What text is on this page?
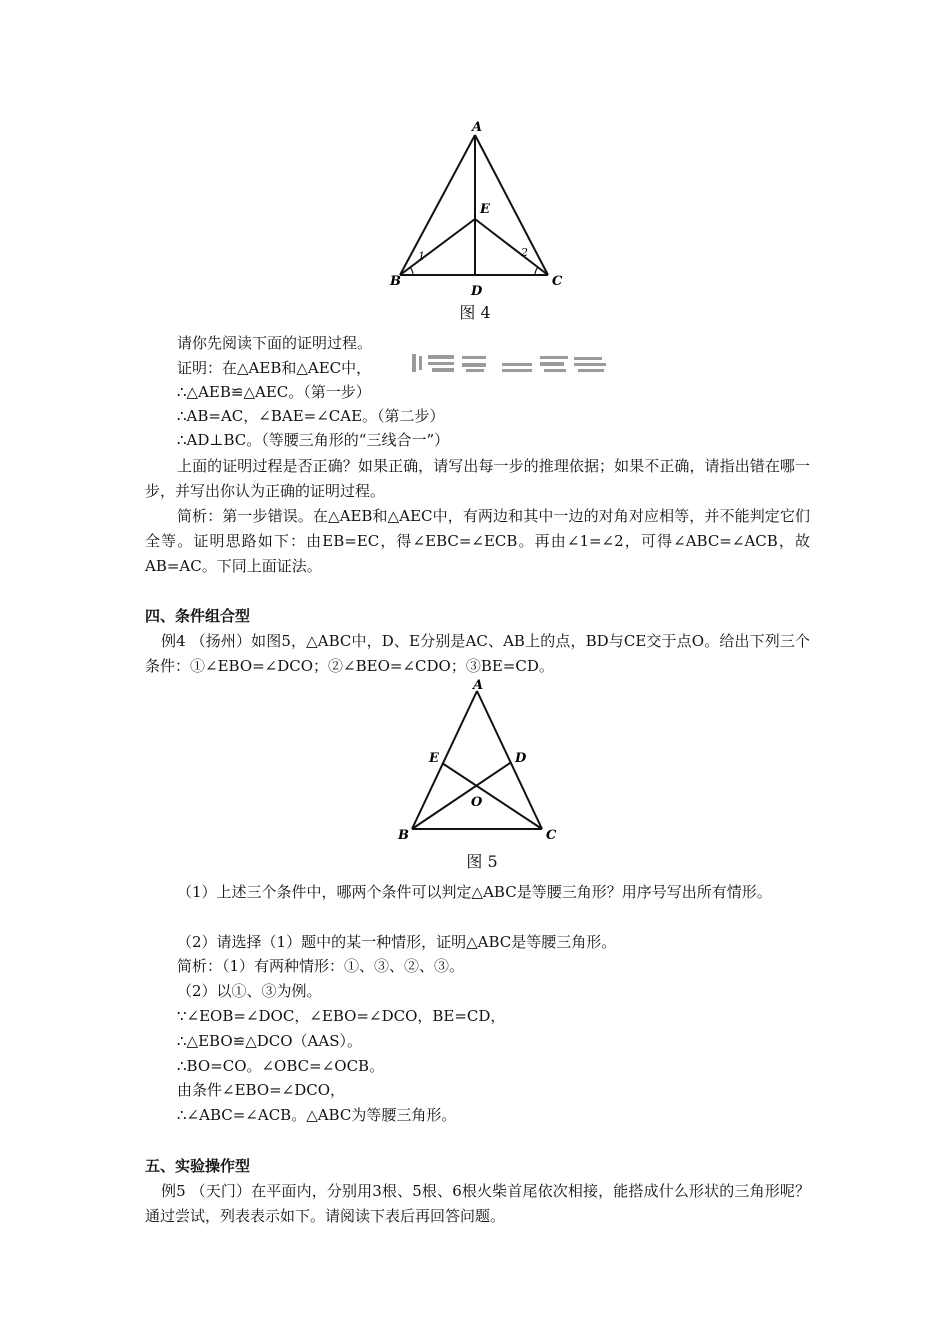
A
E
B	C
D
1	2
图 4
请你先阅读下面的证明过程。
证明：在△AEB和△AEC中，
∴△AEB≌△AEC。（第一步）
∴AB=AC，∠BAE=∠CAE。（第二步）
∴AD⊥BC。（等腰三角形的“三线合一”）
上面的证明过程是否正确？如果正确，请写出每一步的推理依据；如果不正确，请指出错在哪一步，并写出你认为正确的证明过程。
简析：第一步错误。在△AEB和△AEC中，有两边和其中一边的对角对应相等，并不能判定它们全等。证明思路如下：由EB=EC，得∠EBC=∠ECB。再由∠1=∠2，可得∠ABC=∠ACB，故AB=AC。下同上面证法。
四、条件组合型
例4 （扬州）如图5，△ABC中，D、E分别是AC、AB上的点，BD与CE交于点O。给出下列三个条件：①∠EBO=∠DCO；②∠BEO=∠CDO；③BE=CD。
A
E	D
O
B	C
图 5
（1）上述三个条件中，哪两个条件可以判定△ABC是等腰三角形？用序号写出所有情形。
（2）请选择（1）题中的某一种情形，证明△ABC是等腰三角形。
简析：（1）有两种情形：①、③、②、③。
（2）以①、③为例。
∵∠EOB=∠DOC，∠EBO=∠DCO，BE=CD，
∴△EBO≌△DCO（AAS）。
∴BO=CO。∠OBC=∠OCB。
由条件∠EBO=∠DCO，
∴∠ABC=∠ACB。△ABC为等腰三角形。
五、实验操作型
例5 （天门）在平面内，分别用3根、5根、6根火柴首尾依次相接，能搭成什么形状的三角形呢？通过尝试，列表表示如下。请阅读下表后再回答问题。
